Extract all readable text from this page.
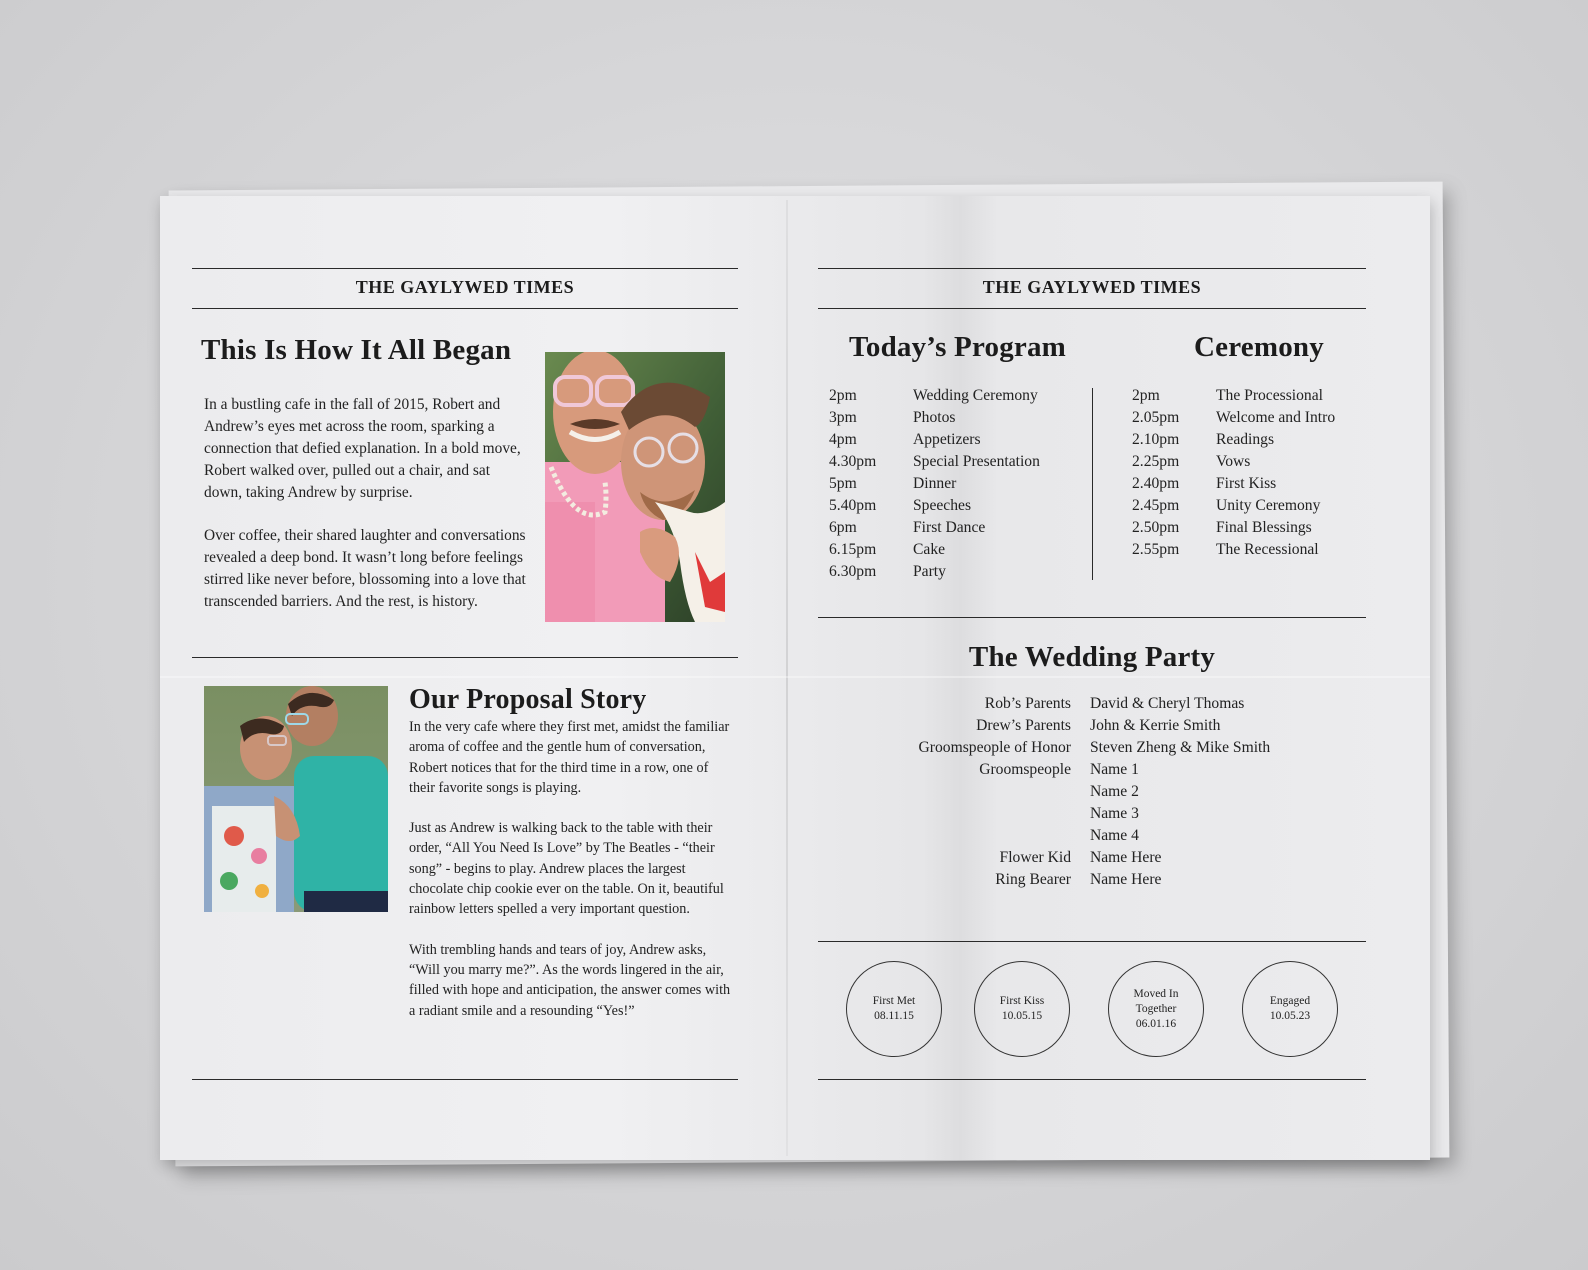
THE GAYLYWED TIMES
This Is How It All Began

In a bustling cafe in the fall of 2015, Robert and Andrew’s eyes met across the room, sparking a connection that defied explanation. In a bold move, Robert walked over, pulled out a chair, and sat down, taking Andrew by surprise.

Over coffee, their shared laughter and conversations revealed a deep bond. It wasn’t long before feelings stirred like never before, blossoming into a love that transcended barriers. And the rest, is history.

Our Proposal Story

In the very cafe where they first met, amidst the familiar aroma of coffee and the gentle hum of conversation, Robert notices that for the third time in a row, one of their favorite songs is playing.

Just as Andrew is walking back to the table with their order, “All You Need Is Love” by The Beatles - “their song” - begins to play. Andrew places the largest chocolate chip cookie ever on the table. On it, beautiful rainbow letters spelled a very important question.

With trembling hands and tears of joy, Andrew asks, “Will you marry me?”. As the words lingered in the air, filled with hope and anticipation, the answer comes with a radiant smile and a resounding “Yes!”

THE GAYLYWED TIMES
Today’s Program	Ceremony
2pm	Wedding Ceremony
3pm	Photos
4pm	Appetizers
4.30pm Special Presentation
5pm	Dinner
5.40pm Speeches
6pm	First Dance
6.15pm Cake
6.30pm Party
2pm	The Processional
2.05pm Welcome and Intro
2.10pm Readings
2.25pm Vows
2.40pm First Kiss
2.45pm Unity Ceremony
2.50pm Final Blessings
2.55pm The Recessional
The Wedding Party
Rob’s Parents David & Cheryl Thomas
Drew’s Parents John & Kerrie Smith
Groomspeople of Honor Steven Zheng & Mike Smith
Groomspeople Name 1
Name 2
Name 3
Name 4
Flower Kid Name Here
Ring Bearer Name Here
First Met
08.11.15
First Kiss
10.05.15
Moved In
Together
06.01.16
Engaged
10.05.23
